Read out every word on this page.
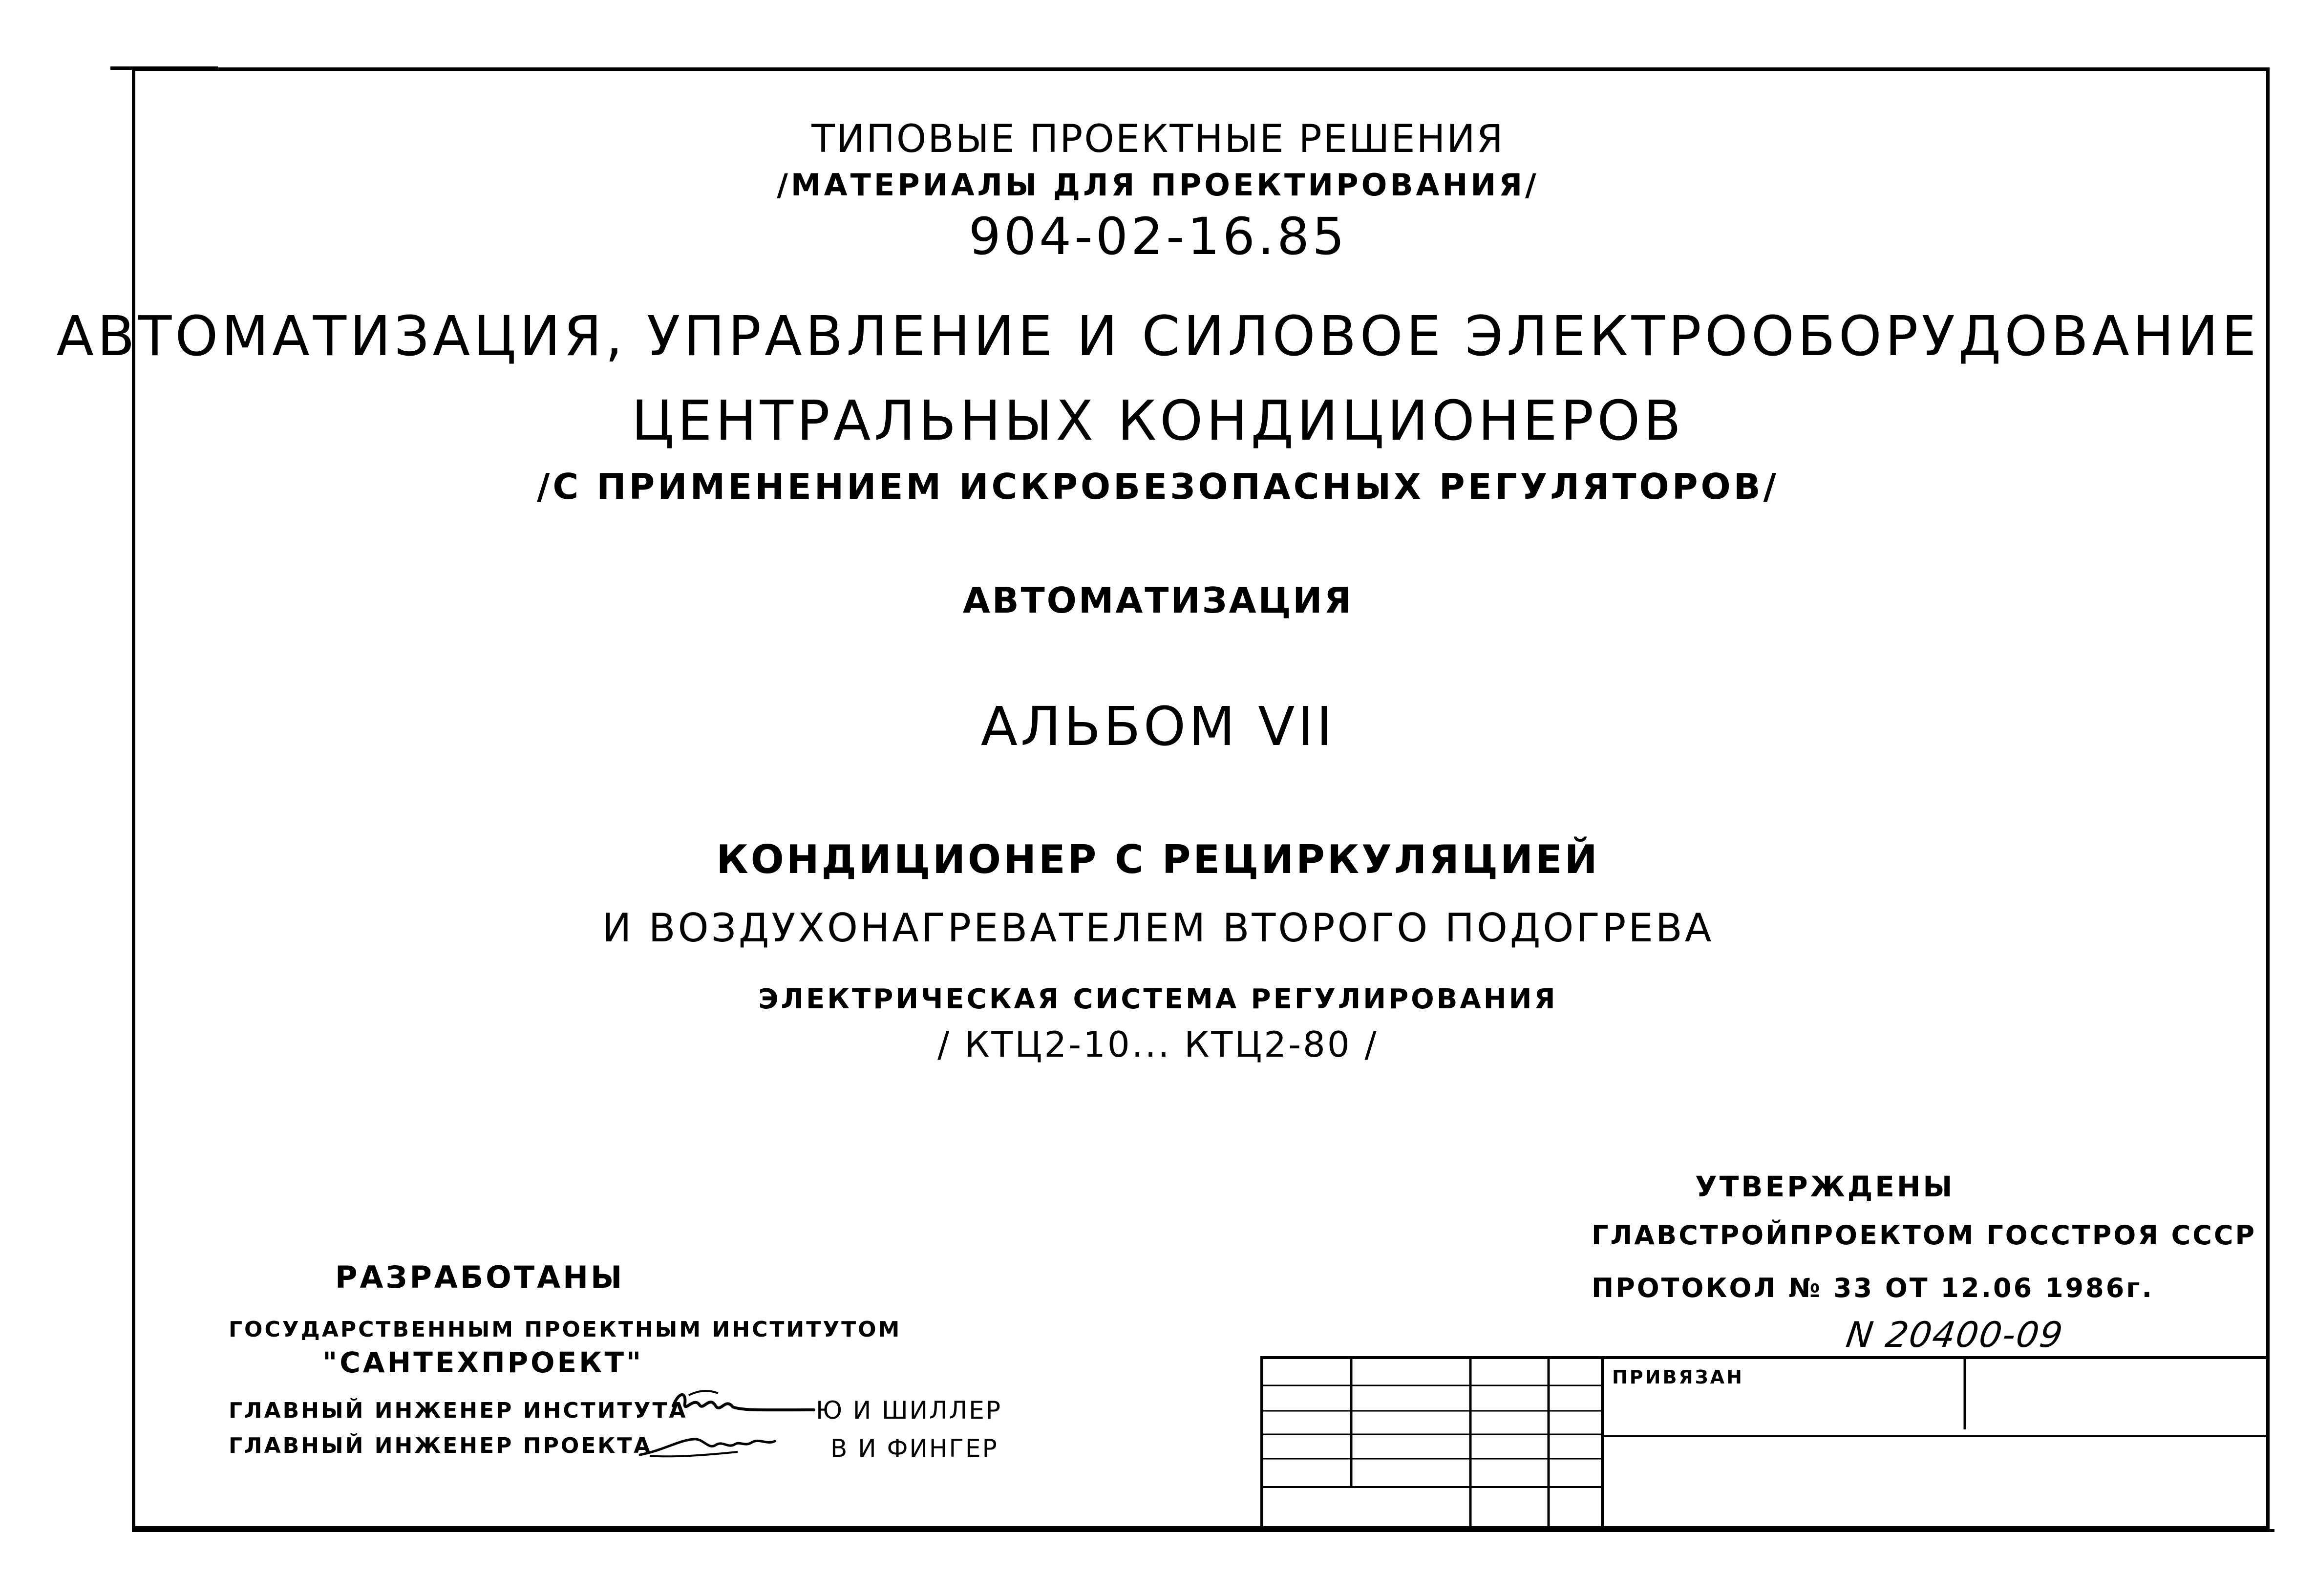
ТИПОВЫЕ ПРОЕКТНЫЕ РЕШЕНИЯ
/МАТЕРИАЛЫ ДЛЯ ПРОЕКТИРОВАНИЯ/
904-02-16.85
АВТОМАТИЗАЦИЯ, УПРАВЛЕНИЕ И СИЛОВОЕ ЭЛЕКТРООБОРУДОВАНИЕ
ЦЕНТРАЛЬНЫХ КОНДИЦИОНЕРОВ
/С ПРИМЕНЕНИЕМ ИСКРОБЕЗОПАСНЫХ РЕГУЛЯТОРОВ/
АВТОМАТИЗАЦИЯ
АЛЬБОМ VII
КОНДИЦИОНЕР С РЕЦИРКУЛЯЦИЕЙ
И ВОЗДУХОНАГРЕВАТЕЛЕМ ВТОРОГО ПОДОГРЕВА
ЭЛЕКТРИЧЕСКАЯ СИСТЕМА РЕГУЛИРОВАНИЯ
/ КТЦ2-10... КТЦ2-80 /
УТВЕРЖДЕНЫ
ГЛАВСТРОЙПРОЕКТОМ ГОССТРОЯ СССР
ПРОТОКОЛ № 33 ОТ 12.06 1986г.
N 20400-09
РАЗРАБОТАНЫ
ГОСУДАРСТВЕННЫМ ПРОЕКТНЫМ ИНСТИТУТОМ
"САНТЕХПРОЕКТ"
ГЛАВНЫЙ ИНЖЕНЕР ИНСТИТУТА	Ю И ШИЛЛЕР
ГЛАВНЫЙ ИНЖЕНЕР ПРОЕКТА	В И ФИНГЕР
ПРИВЯЗАН
